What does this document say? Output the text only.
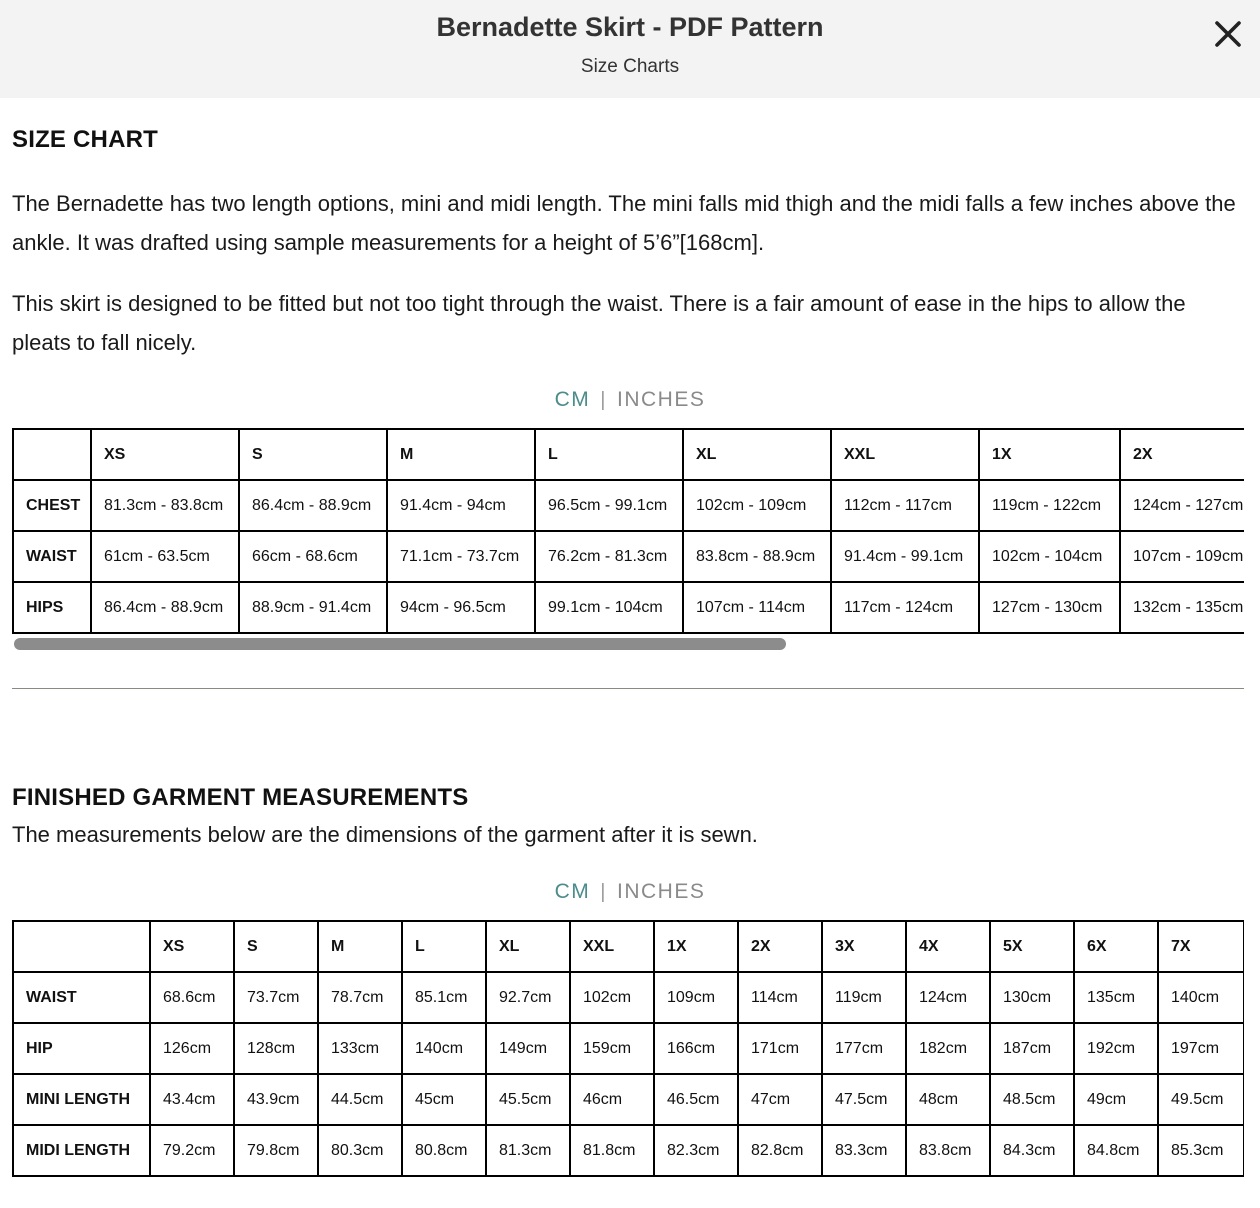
Bernadette Skirt - PDF Pattern
Size Charts
SIZE CHART
The Bernadette has two length options, mini and midi length. The mini falls mid thigh and the midi falls a few inches above the ankle. It was drafted using sample measurements for a height of 5’6”[168cm].
This skirt is designed to be fitted but not too tight through the waist. There is a fair amount of ease in the hips to allow the pleats to fall nicely.
CM | INCHES
	XS	S	M	L	XL	XXL	1X	2X
CHEST	81.3cm - 83.8cm	86.4cm - 88.9cm	91.4cm - 94cm	96.5cm - 99.1cm	102cm - 109cm	112cm - 117cm	119cm - 122cm	124cm - 127cm
WAIST	61cm - 63.5cm	66cm - 68.6cm	71.1cm - 73.7cm	76.2cm - 81.3cm	83.8cm - 88.9cm	91.4cm - 99.1cm	102cm - 104cm	107cm - 109cm
HIPS	86.4cm - 88.9cm	88.9cm - 91.4cm	94cm - 96.5cm	99.1cm - 104cm	107cm - 114cm	117cm - 124cm	127cm - 130cm	132cm - 135cm
FINISHED GARMENT MEASUREMENTS
The measurements below are the dimensions of the garment after it is sewn.
CM | INCHES
	XS	S	M	L	XL	XXL	1X	2X	3X	4X	5X	6X	7X
WAIST	68.6cm	73.7cm	78.7cm	85.1cm	92.7cm	102cm	109cm	114cm	119cm	124cm	130cm	135cm	140cm
HIP	126cm	128cm	133cm	140cm	149cm	159cm	166cm	171cm	177cm	182cm	187cm	192cm	197cm
MINI LENGTH	43.4cm	43.9cm	44.5cm	45cm	45.5cm	46cm	46.5cm	47cm	47.5cm	48cm	48.5cm	49cm	49.5cm
MIDI LENGTH	79.2cm	79.8cm	80.3cm	80.8cm	81.3cm	81.8cm	82.3cm	82.8cm	83.3cm	83.8cm	84.3cm	84.8cm	85.3cm
